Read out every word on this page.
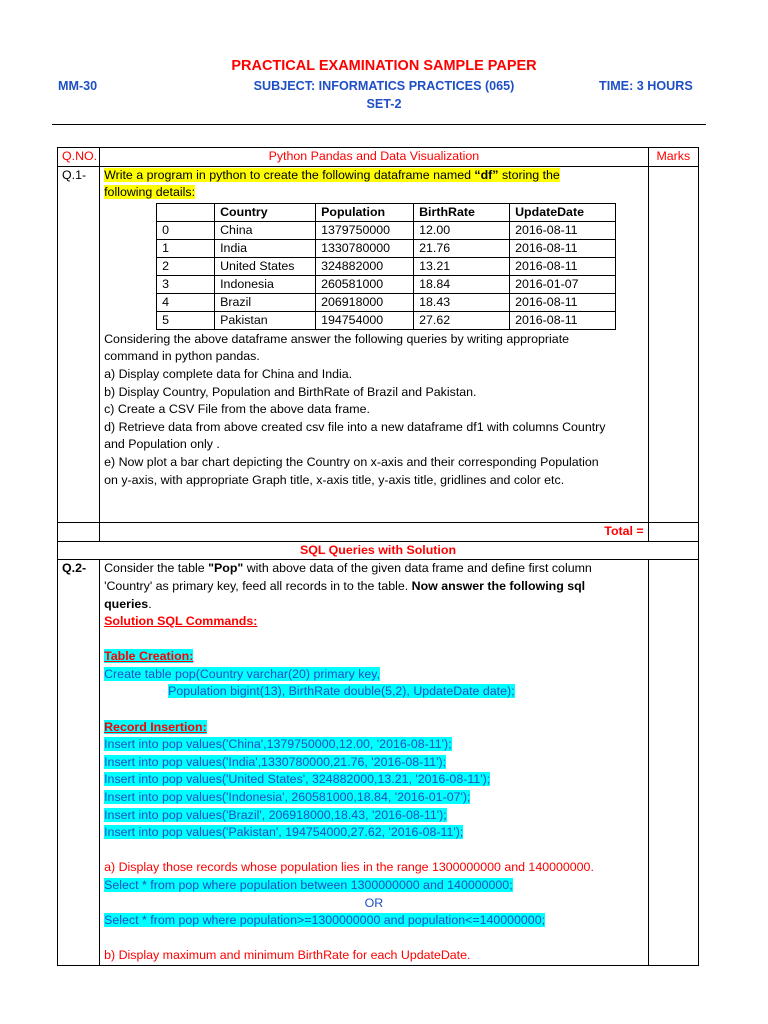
PRACTICAL EXAMINATION SAMPLE PAPER
MM-30	SUBJECT: INFORMATICS PRACTICES (065)	TIME: 3 HOURS
SET-2
Q.NO.	Python Pandas and Data Visualization	Marks
Q.1-	Write a program in python to create the following dataframe named “df” storing the
following details:
	Country	Population	BirthRate	UpdateDate
0	China	1379750000	12.00	2016-08-11
1	India	1330780000	21.76	2016-08-11
2	United States	324882000	13.21	2016-08-11
3	Indonesia	260581000	18.84	2016-01-07
4	Brazil	206918000	18.43	2016-08-11
5	Pakistan	194754000	27.62	2016-08-11
Considering the above dataframe answer the following queries by writing appropriate
command in python pandas.
a) Display complete data for China and India.
b) Display Country, Population and BirthRate of Brazil and Pakistan.
c) Create a CSV File from the above data frame.
d) Retrieve data from above created csv file into a new dataframe df1 with columns Country
and Population only .
e) Now plot a bar chart depicting the Country on x-axis and their corresponding Population
on y-axis, with appropriate Graph title, x-axis title, y-axis title, gridlines and color etc.

	Total =	
SQL Queries with Solution
Q.2-	Consider the table "Pop" with above data of the given data frame and define first column
'Country' as primary key, feed all records in to the table. Now answer the following sql
queries.
Solution SQL Commands:
Table Creation:
Create table pop(Country varchar(20) primary key,
Population bigint(13), BirthRate double(5,2), UpdateDate date);
Record Insertion:
Insert into pop values('China',1379750000,12.00, '2016-08-11');
Insert into pop values('India',1330780000,21.76, '2016-08-11');
Insert into pop values('United States', 324882000,13.21, '2016-08-11');
Insert into pop values('Indonesia', 260581000,18.84, '2016-01-07');
Insert into pop values('Brazil', 206918000,18.43, '2016-08-11');
Insert into pop values('Pakistan', 194754000,27.62, '2016-08-11');
a) Display those records whose population lies in the range 1300000000 and 140000000.
Select * from pop where population between 1300000000 and 140000000;
OR
Select * from pop where population>=1300000000 and population<=140000000;
b) Display maximum and minimum BirthRate for each UpdateDate.
